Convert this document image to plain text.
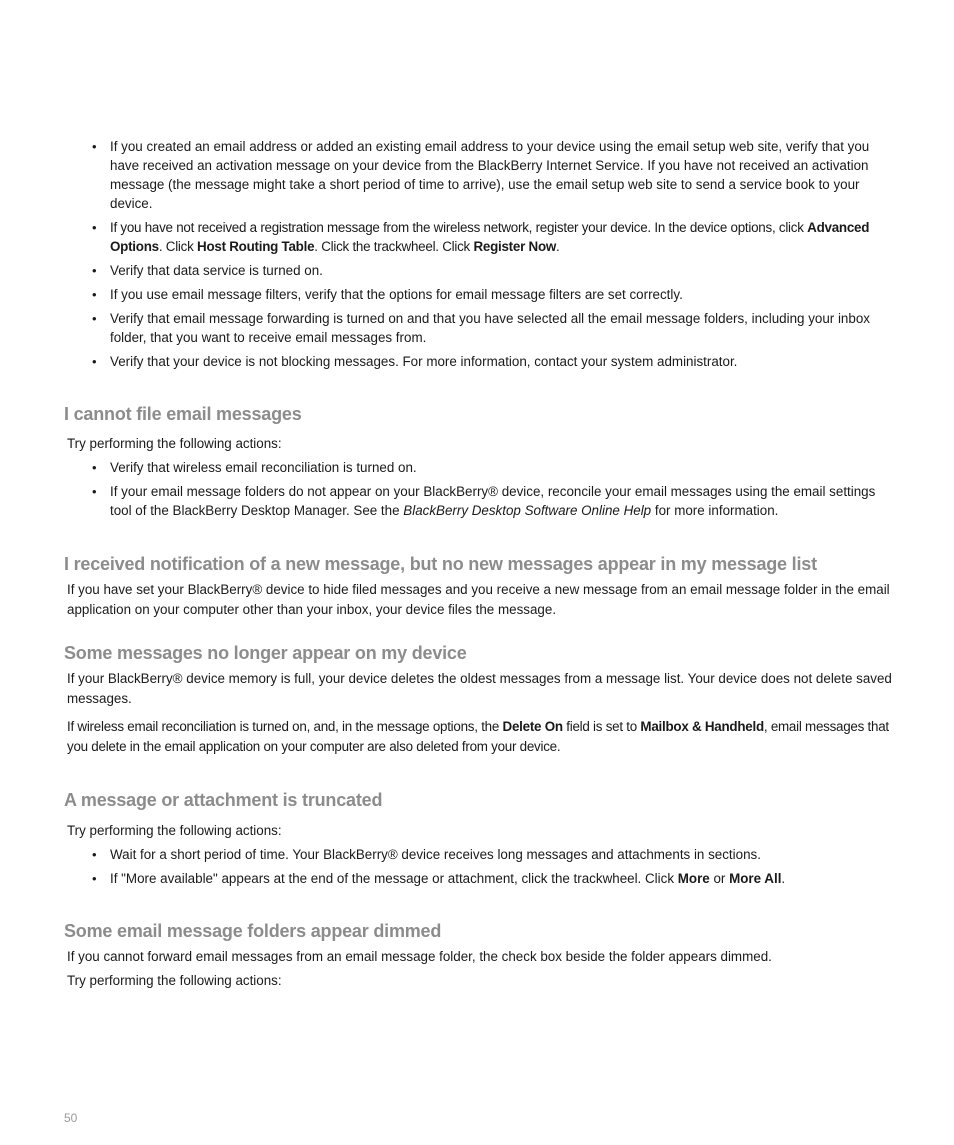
• If you created an email address or added an existing email address to your device using the email setup web site, verify that you have received an activation message on your device from the BlackBerry Internet Service. If you have not received an activation message (the message might take a short period of time to arrive), use the email setup web site to send a service book to your device.
• If you have not received a registration message from the wireless network, register your device. In the device options, click Advanced Options. Click Host Routing Table. Click the trackwheel. Click Register Now.
• Verify that data service is turned on.
• If you use email message filters, verify that the options for email message filters are set correctly.
• Verify that email message forwarding is turned on and that you have selected all the email message folders, including your inbox folder, that you want to receive email messages from.
• Verify that your device is not blocking messages. For more information, contact your system administrator.
I cannot file email messages
Try performing the following actions:
• Verify that wireless email reconciliation is turned on.
• If your email message folders do not appear on your BlackBerry® device, reconcile your email messages using the email settings tool of the BlackBerry Desktop Manager. See the BlackBerry Desktop Software Online Help for more information.
I received notification of a new message, but no new messages appear in my message list
If you have set your BlackBerry® device to hide filed messages and you receive a new message from an email message folder in the email application on your computer other than your inbox, your device files the message.
Some messages no longer appear on my device
If your BlackBerry® device memory is full, your device deletes the oldest messages from a message list. Your device does not delete saved messages.
If wireless email reconciliation is turned on, and, in the message options, the Delete On field is set to Mailbox & Handheld, email messages that you delete in the email application on your computer are also deleted from your device.
A message or attachment is truncated
Try performing the following actions:
• Wait for a short period of time. Your BlackBerry® device receives long messages and attachments in sections.
• If "More available" appears at the end of the message or attachment, click the trackwheel. Click More or More All.
Some email message folders appear dimmed
If you cannot forward email messages from an email message folder, the check box beside the folder appears dimmed.
Try performing the following actions:
50
